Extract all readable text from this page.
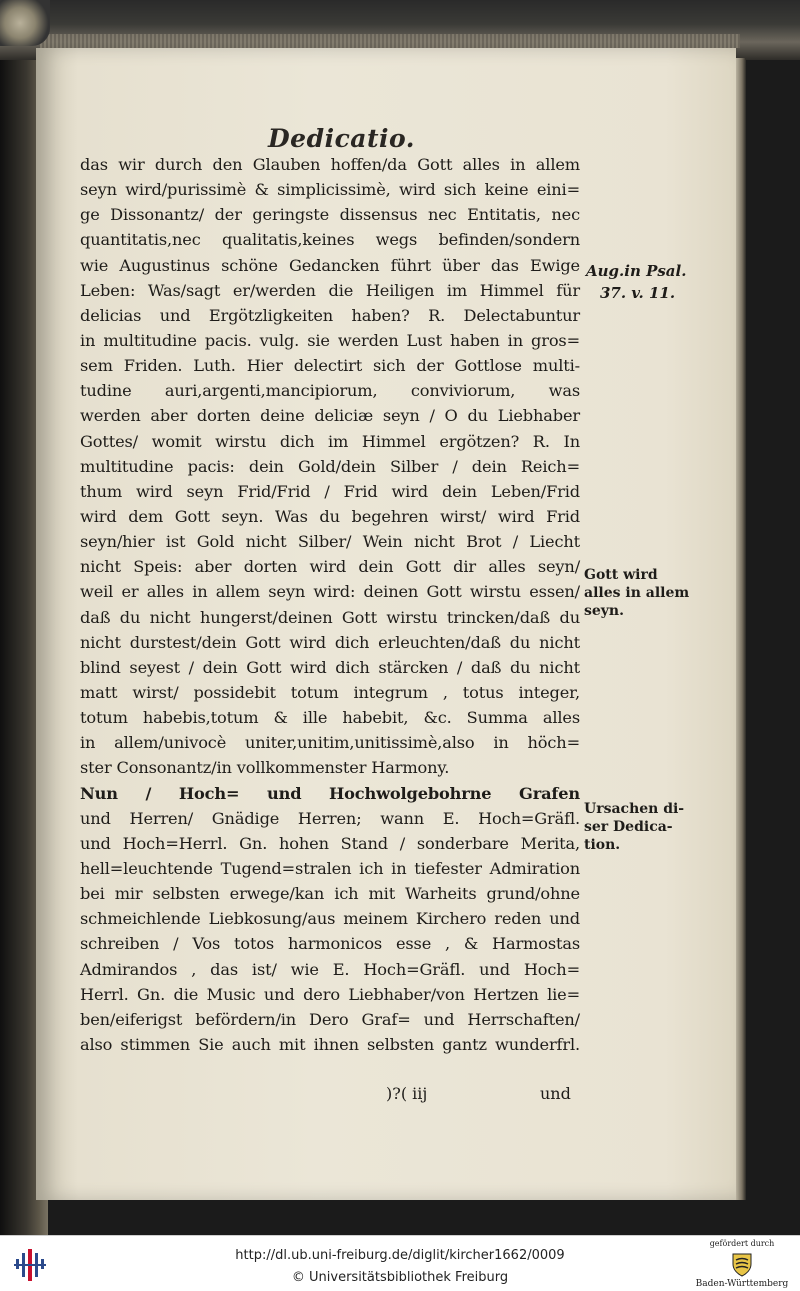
Dedicatio.
das wir durch den Glauben hoffen/da Gott alles in allem
seyn wird/purissimè & simplicissimè, wird sich keine eini=
ge Dissonantz/ der geringste dissensus nec Entitatis, nec
quantitatis,nec qualitatis,keines wegs befinden/sondern
wie Augustinus schöne Gedancken führt über das Ewige
Leben: Was/sagt er/werden die Heiligen im Himmel für
delicias und Ergötzligkeiten haben? R. Delectabuntur
in multitudine pacis. vulg. sie werden Lust haben in gros=
sem Friden. Luth. Hier delectirt sich der Gottlose multi-
tudine auri,argenti,mancipiorum, conviviorum, was
werden aber dorten deine deliciæ seyn / O du Liebhaber
Gottes/ womit wirstu dich im Himmel ergötzen? R. In
multitudine pacis: dein Gold/dein Silber / dein Reich=
thum wird seyn Frid/Frid / Frid wird dein Leben/Frid
wird dem Gott seyn. Was du begehren wirst/ wird Frid
seyn/hier ist Gold nicht Silber/ Wein nicht Brot / Liecht
nicht Speis: aber dorten wird dein Gott dir alles seyn/
weil er alles in allem seyn wird: deinen Gott wirstu essen/
daß du nicht hungerst/deinen Gott wirstu trincken/daß du
nicht durstest/dein Gott wird dich erleuchten/daß du nicht
blind seyest / dein Gott wird dich stärcken / daß du nicht
matt wirst/ possidebit totum integrum , totus integer,
totum habebis,totum & ille habebit, &c. Summa alles
in allem/univocè uniter,unitim,unitissimè,also in höch=
ster Consonantz/in vollkommenster Harmony.
Nun / Hoch= und Hochwolgebohrne Grafen
und Herren/ Gnädige Herren; wann E. Hoch=Gräfl.
und Hoch=Herrl. Gn. hohen Stand / sonderbare Merita,
hell=leuchtende Tugend=stralen ich in tiefester Admiration
bei mir selbsten erwege/kan ich mit Warheits grund/ohne
schmeichlende Liebkosung/aus meinem Kirchero reden und
schreiben / Vos totos harmonicos esse , & Harmostas
Admirandos , das ist/ wie E. Hoch=Gräfl. und Hoch=
Herrl. Gn. die Music und dero Liebhaber/von Hertzen lie=
ben/eiferigst befördern/in Dero Graf= und Herrschaften/
also stimmen Sie auch mit ihnen selbsten gantz wunderfrl.
Aug.in Psal.
37. v. 11.
Gott wird
alles in allem
seyn.
Ursachen di-
ser Dedica-
tion.
)?( iij	und
http://dl.ub.uni-freiburg.de/diglit/kircher1662/0009
© Universitätsbibliothek Freiburg
gefördert durch
Baden-Württemberg
